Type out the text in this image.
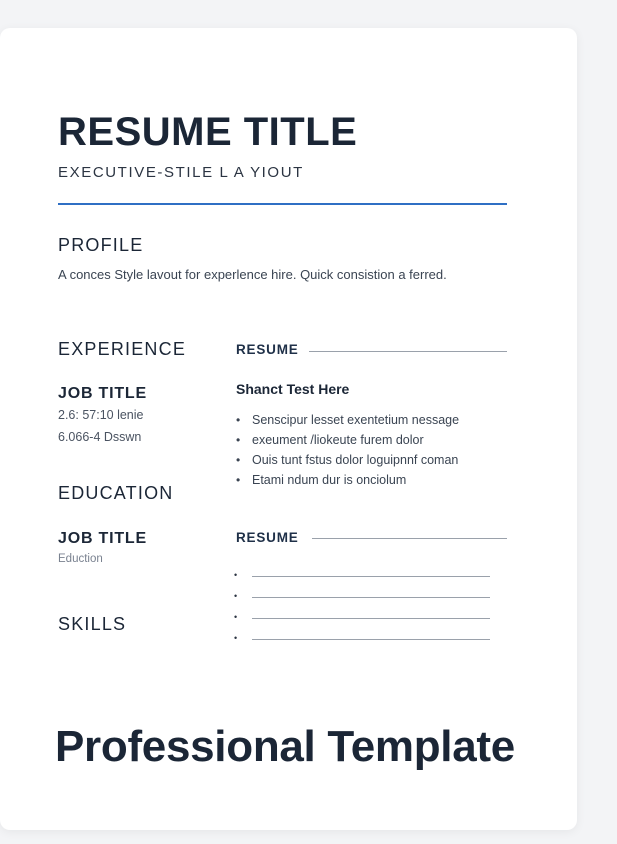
RESUME TITLE
EXECUTIVE-STILE L A YIOUT
PROFILE
A conces Style lavout for experlence hire. Quick consistion a ferred.
EXPERIENCE
JOB TITLE
2.6: 57:10 lenie
6.066-4 Dsswn
RESUME
Shanct Test Here
• Senscipur lesset exentetium nessage
• exeument /liokeute furem dolor
• Ouis tunt fstus dolor loguipnnf coman
• Etami ndum dur is onciolum
EDUCATION
JOB TITLE
Eduction
RESUME
•
•
•
•
SKILLS
Professional Template
